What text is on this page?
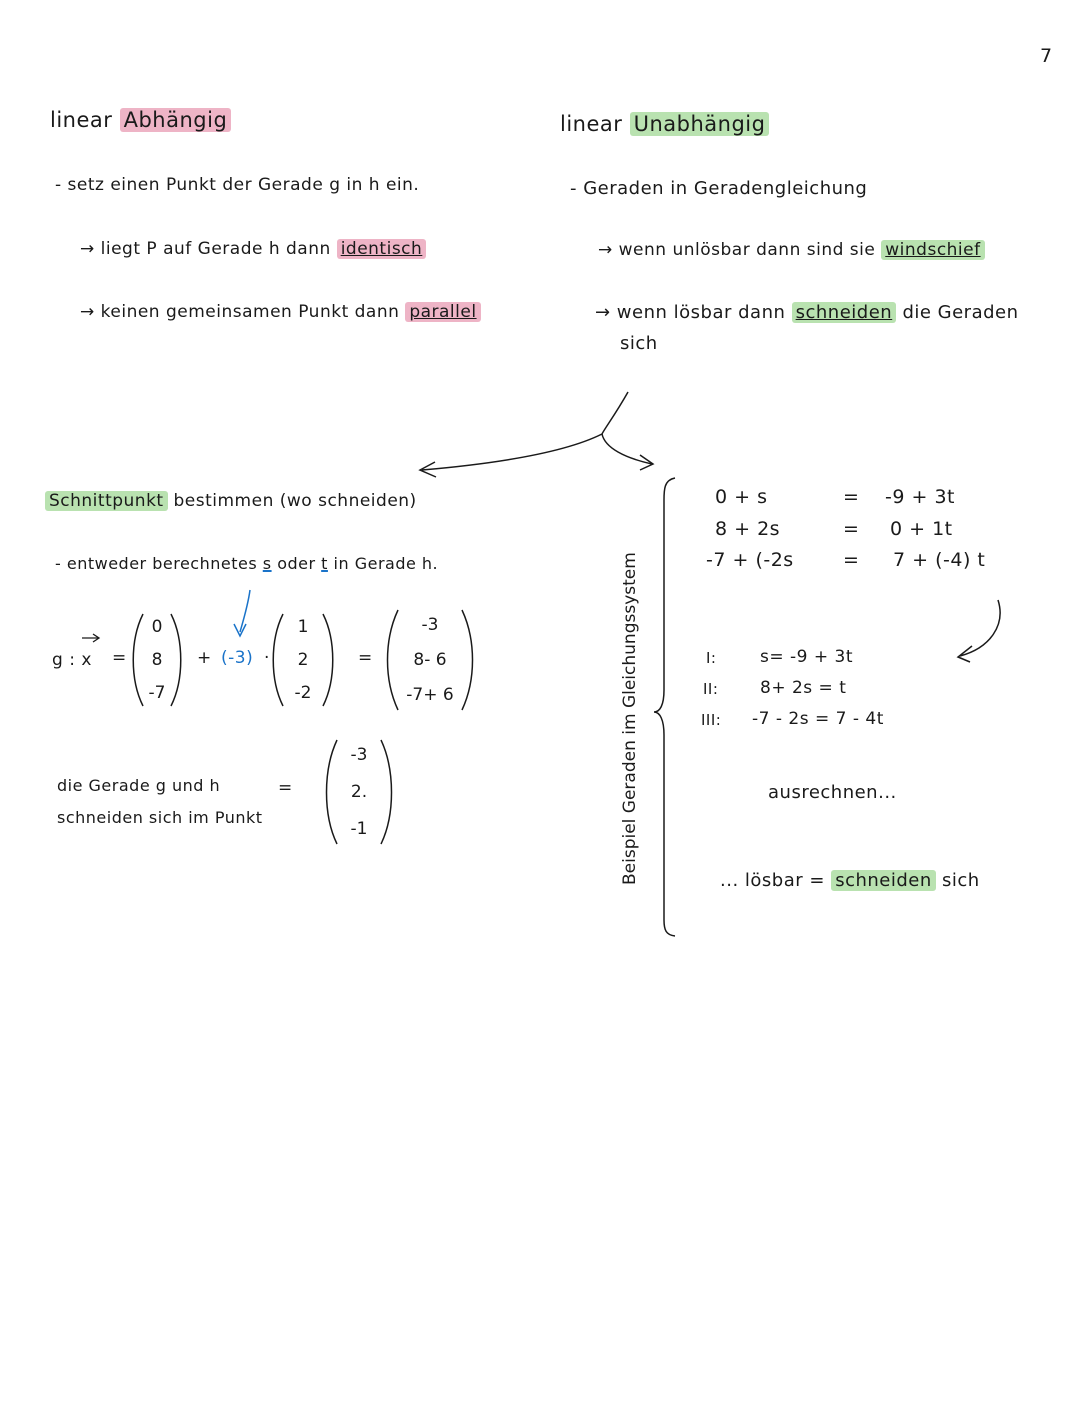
7
linear Abhängig
- setz einen Punkt der Gerade g in h ein.
→ liegt P auf Gerade h dann identisch
→ keinen gemeinsamen Punkt dann parallel
linear Unabhängig
- Geraden in Geradengleichung
→ wenn unlösbar dann sind sie windschief
→ wenn lösbar dann schneiden die Geraden
sich
Schnittpunkt bestimmen (wo schneiden)
- entweder berechnetes s oder t in Gerade h.
g : x =
0
8
-7
+ (-3) ·
1
2
-2
=
-3
8- 6
-7+ 6
die Gerade g und h
schneiden sich im Punkt
=
-3
2.
-1	Beispiel Geraden im Gleichungssystem
0 + s	= -9 + 3t
8 + 2s	= 0 + 1t
-7 + (-2s	= 7 + (-4) t
I:	s= -9 + 3t
II: 8+ 2s = t
III: -7 - 2s = 7 - 4t
ausrechnen...
... lösbar = schneiden sich
